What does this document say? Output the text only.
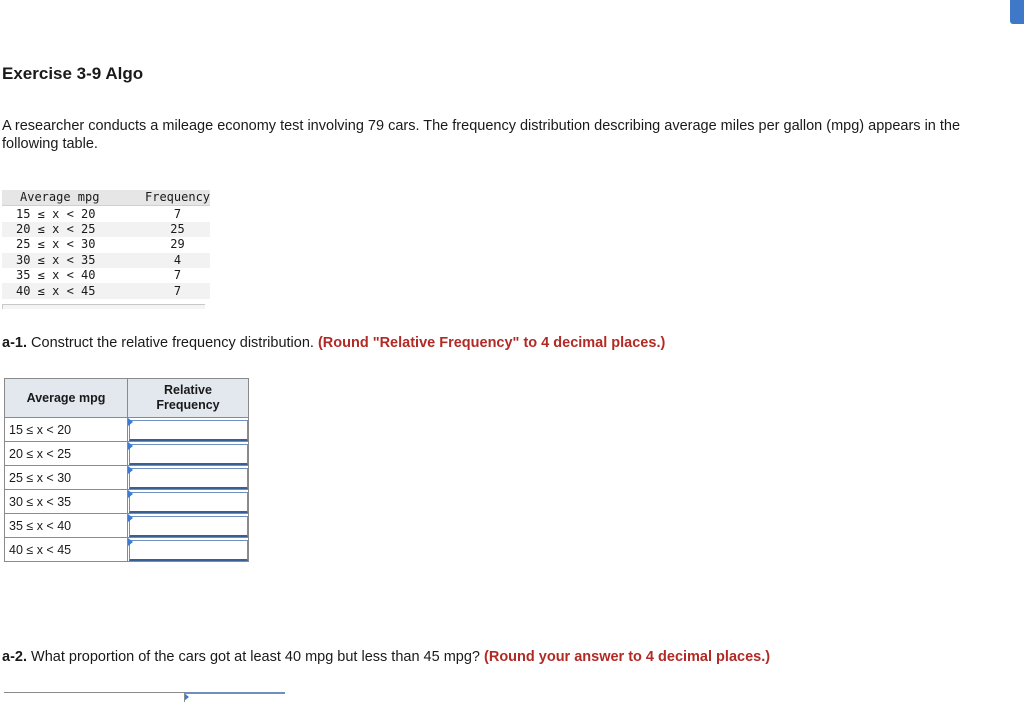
Exercise 3-9 Algo

A researcher conducts a mileage economy test involving 79 cars. The frequency distribution describing average miles per gallon (mpg) appears in the following table.

Average mpg	Frequency
15 ≤ x < 20	7
20 ≤ x < 25	25
25 ≤ x < 30	29
30 ≤ x < 35	4
35 ≤ x < 40	7
40 ≤ x < 45	7

a-1. Construct the relative frequency distribution. (Round "Relative Frequency" to 4 decimal places.)

Average mpg	Relative Frequency
15 ≤ x < 20	

20 ≤ x < 25	

25 ≤ x < 30	

30 ≤ x < 35	

35 ≤ x < 40	

40 ≤ x < 45	

a-2. What proportion of the cars got at least 40 mpg but less than 45 mpg? (Round your answer to 4 decimal places.)
